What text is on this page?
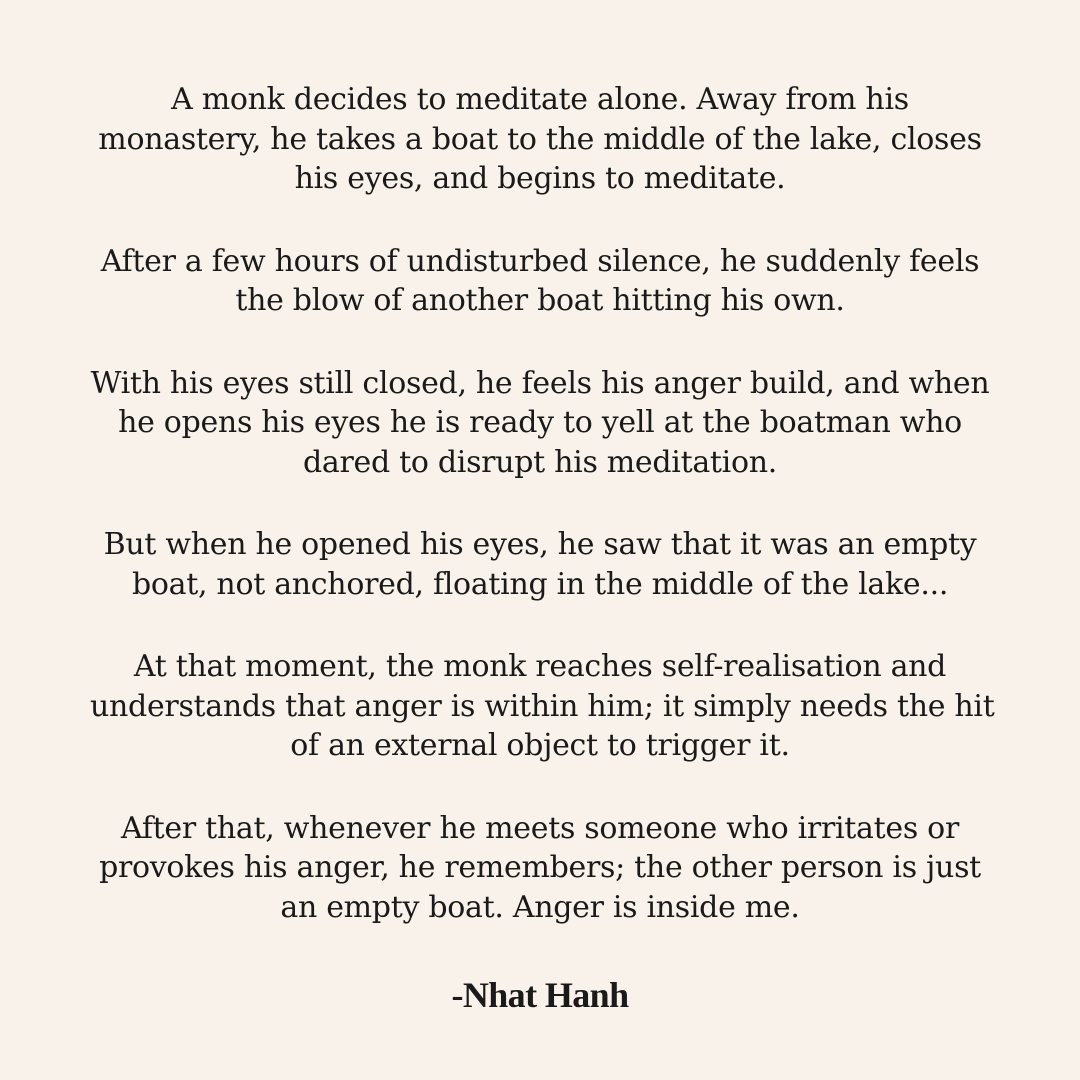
A monk decides to meditate alone. Away from his
monastery, he takes a boat to the middle of the lake, closes
his eyes, and begins to meditate.

After a few hours of undisturbed silence, he suddenly feels
the blow of another boat hitting his own.

With his eyes still closed, he feels his anger build, and when
he opens his eyes he is ready to yell at the boatman who
dared to disrupt his meditation.

But when he opened his eyes, he saw that it was an empty
boat, not anchored, floating in the middle of the lake...

At that moment, the monk reaches self-realisation and
understands that anger is within him; it simply needs the hit
of an external object to trigger it.

After that, whenever he meets someone who irritates or
provokes his anger, he remembers; the other person is just
an empty boat. Anger is inside me.

-Nhat Hanh
